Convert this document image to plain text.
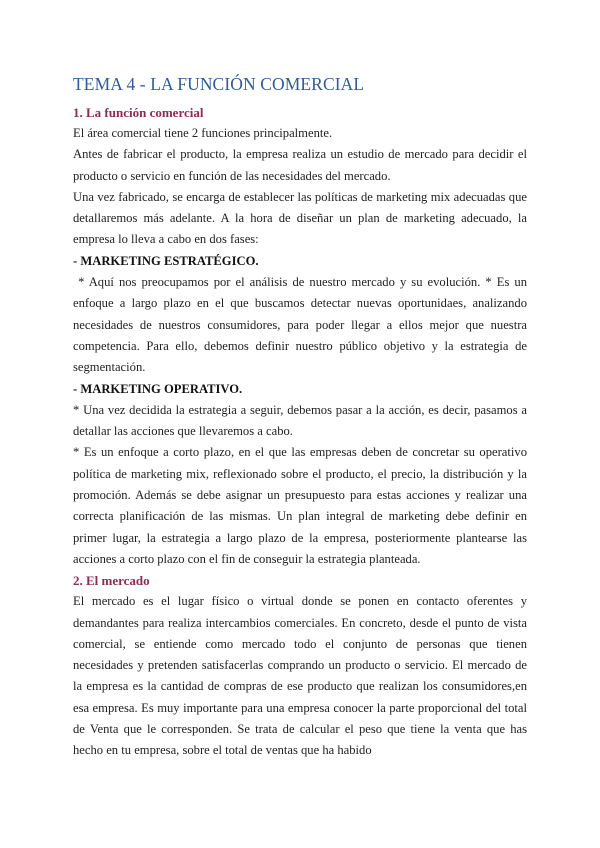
TEMA 4 - LA FUNCIÓN COMERCIAL
1. La función comercial

El área comercial tiene 2 funciones principalmente.

Antes de fabricar el producto, la empresa realiza un estudio de mercado para decidir el producto o servicio en función de las necesidades del mercado.

Una vez fabricado, se encarga de establecer las políticas de marketing mix adecuadas que detallaremos más adelante. A la hora de diseñar un plan de marketing adecuado, la empresa lo lleva a cabo en dos fases:

- MARKETING ESTRATÉGICO.

* Aquí nos preocupamos por el análisis de nuestro mercado y su evolución. * Es un enfoque a largo plazo en el que buscamos detectar nuevas oportunidaes, analizando necesidades de nuestros consumidores, para poder llegar a ellos mejor que nuestra competencia. Para ello, debemos definir nuestro público objetivo y la estrategia de segmentación.

- MARKETING OPERATIVO.

* Una vez decidida la estrategia a seguir, debemos pasar a la acción, es decir, pasamos a detallar las acciones que llevaremos a cabo.

* Es un enfoque a corto plazo, en el que las empresas deben de concretar su operativo política de marketing mix, reflexionado sobre el producto, el precio, la distribución y la promoción. Además se debe asignar un presupuesto para estas acciones y realizar una correcta planificación de las mismas. Un plan integral de marketing debe definir en primer lugar, la estrategia a largo plazo de la empresa, posteriormente plantearse las acciones a corto plazo con el fin de conseguir la estrategia planteada.

2. El mercado

El mercado es el lugar físico o virtual donde se ponen en contacto oferentes y demandantes para realiza intercambios comerciales. En concreto, desde el punto de vista comercial, se entiende como mercado todo el conjunto de personas que tienen necesidades y pretenden satisfacerlas comprando un producto o servicio. El mercado de la empresa es la cantidad de compras de ese producto que realizan los consumidores,en esa empresa. Es muy importante para una empresa conocer la parte proporcional del total de Venta que le corresponden. Se trata de calcular el peso que tiene la venta que has hecho en tu empresa, sobre el total de ventas que ha habido
